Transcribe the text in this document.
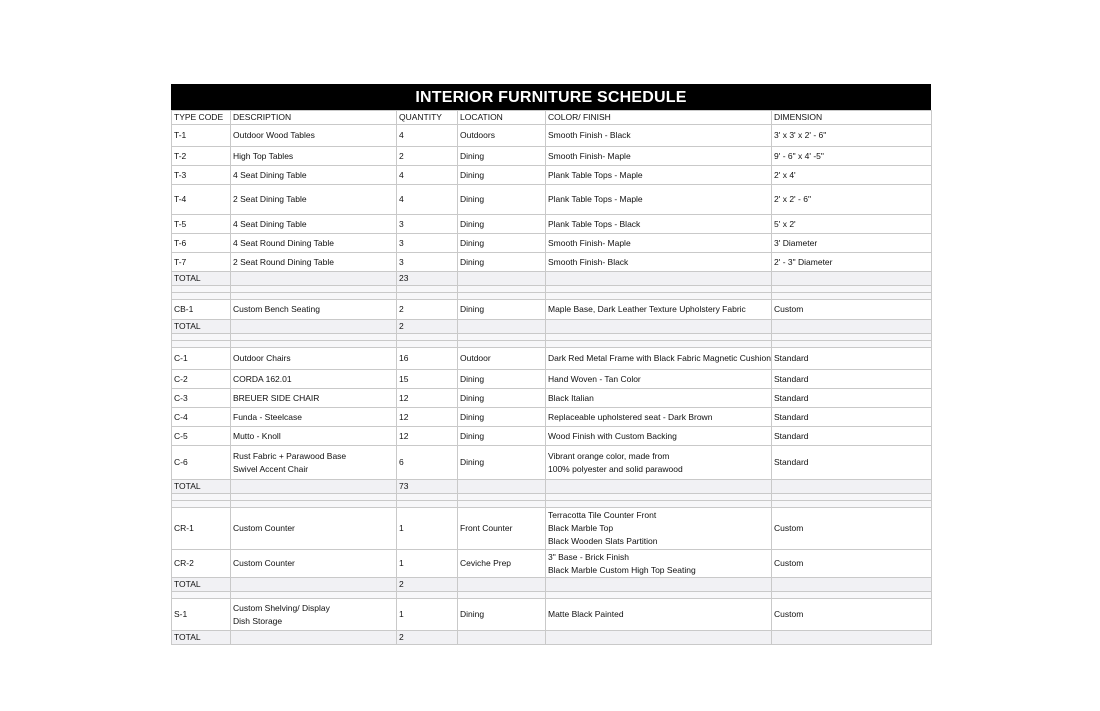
INTERIOR FURNITURE SCHEDULE
TYPE CODE	DESCRIPTION	QUANTITY	LOCATION	COLOR/ FINISH	DIMENSION
T-1	Outdoor Wood Tables	4	Outdoors	Smooth Finish - Black	3' x 3' x 2' - 6"
T-2	High Top Tables	2	Dining	Smooth Finish- Maple	9' - 6" x 4' -5"
T-3	4 Seat Dining Table	4	Dining	Plank Table Tops - Maple	2' x 4'
T-4	2 Seat Dining Table	4	Dining	Plank Table Tops - Maple	2' x 2' - 6"
T-5	4 Seat Dining Table	3	Dining	Plank Table Tops - Black	5' x 2'
T-6	4 Seat Round Dining Table	3	Dining	Smooth Finish- Maple	3' Diameter
T-7	2 Seat Round Dining Table	3	Dining	Smooth Finish- Black	2' - 3" Diameter
TOTAL		23			

CB-1	Custom Bench Seating	2	Dining	Maple Base, Dark Leather Texture Upholstery Fabric	Custom
TOTAL		2			

C-1	Outdoor Chairs	16	Outdoor	Dark Red Metal Frame with Black Fabric Magnetic Cushion	Standard
C-2	CORDA 162.01	15	Dining	Hand Woven - Tan Color	Standard
C-3	BREUER SIDE CHAIR	12	Dining	Black Italian	Standard
C-4	Funda - Steelcase	12	Dining	Replaceable upholstered seat - Dark Brown	Standard
C-5	Mutto - Knoll	12	Dining	Wood Finish with Custom Backing	Standard
C-6	Rust Fabric + Parawood Base
Swivel Accent Chair	6	Dining	Vibrant orange color, made from
100% polyester and solid parawood	Standard
TOTAL		73			

CR-1	Custom Counter	1	Front Counter	Terracotta Tile Counter Front
Black Marble Top
Black Wooden Slats Partition	Custom
CR-2	Custom Counter	1	Ceviche Prep	3" Base - Brick Finish
Black Marble Custom High Top Seating	Custom
TOTAL		2			

S-1	Custom Shelving/ Display
Dish Storage	1	Dining	Matte Black Painted	Custom
TOTAL		2			
